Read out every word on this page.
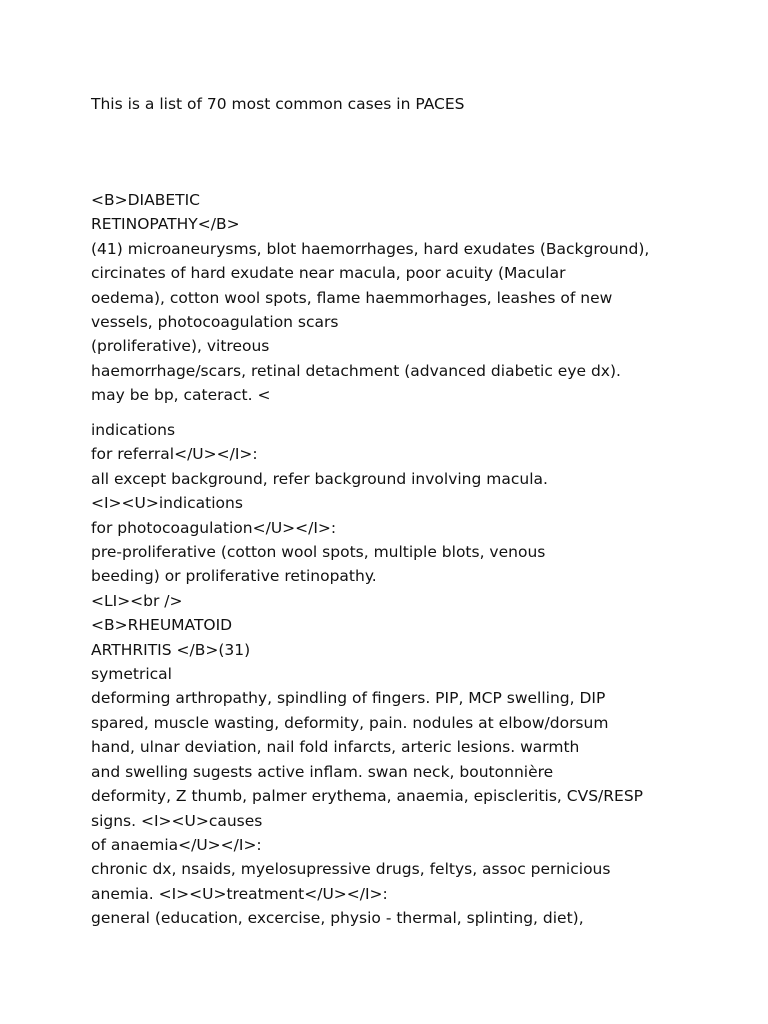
This is a list of 70 most common cases in PACES

<B>DIABETIC
RETINOPATHY</B>
(41) microaneurysms, blot haemorrhages, hard exudates (Background),
circinates of hard exudate near macula, poor acuity (Macular
oedema), cotton wool spots, flame haemmorhages, leashes of new
vessels, photocoagulation scars
(proliferative), vitreous
haemorrhage/scars, retinal detachment (advanced diabetic eye dx).
may be bp, cateract. <
indications
for referral</U></I>:
all except background, refer background involving macula.
<I><U>indications
for photocoagulation</U></I>:
pre-proliferative (cotton wool spots, multiple blots, venous
beeding) or proliferative retinopathy.
<LI><br />
<B>RHEUMATOID
ARTHRITIS </B>(31)
symetrical
deforming arthropathy, spindling of fingers. PIP, MCP swelling, DIP
spared, muscle wasting, deformity, pain. nodules at elbow/dorsum
hand, ulnar deviation, nail fold infarcts, arteric lesions. warmth
and swelling sugests active inflam. swan neck, boutonnière
deformity, Z thumb, palmer erythema, anaemia, episcleritis, CVS/RESP
signs. <I><U>causes
of anaemia</U></I>:
chronic dx, nsaids, myelosupressive drugs, feltys, assoc pernicious
anemia. <I><U>treatment</U></I>:
general (education, excercise, physio - thermal, splinting, diet),
